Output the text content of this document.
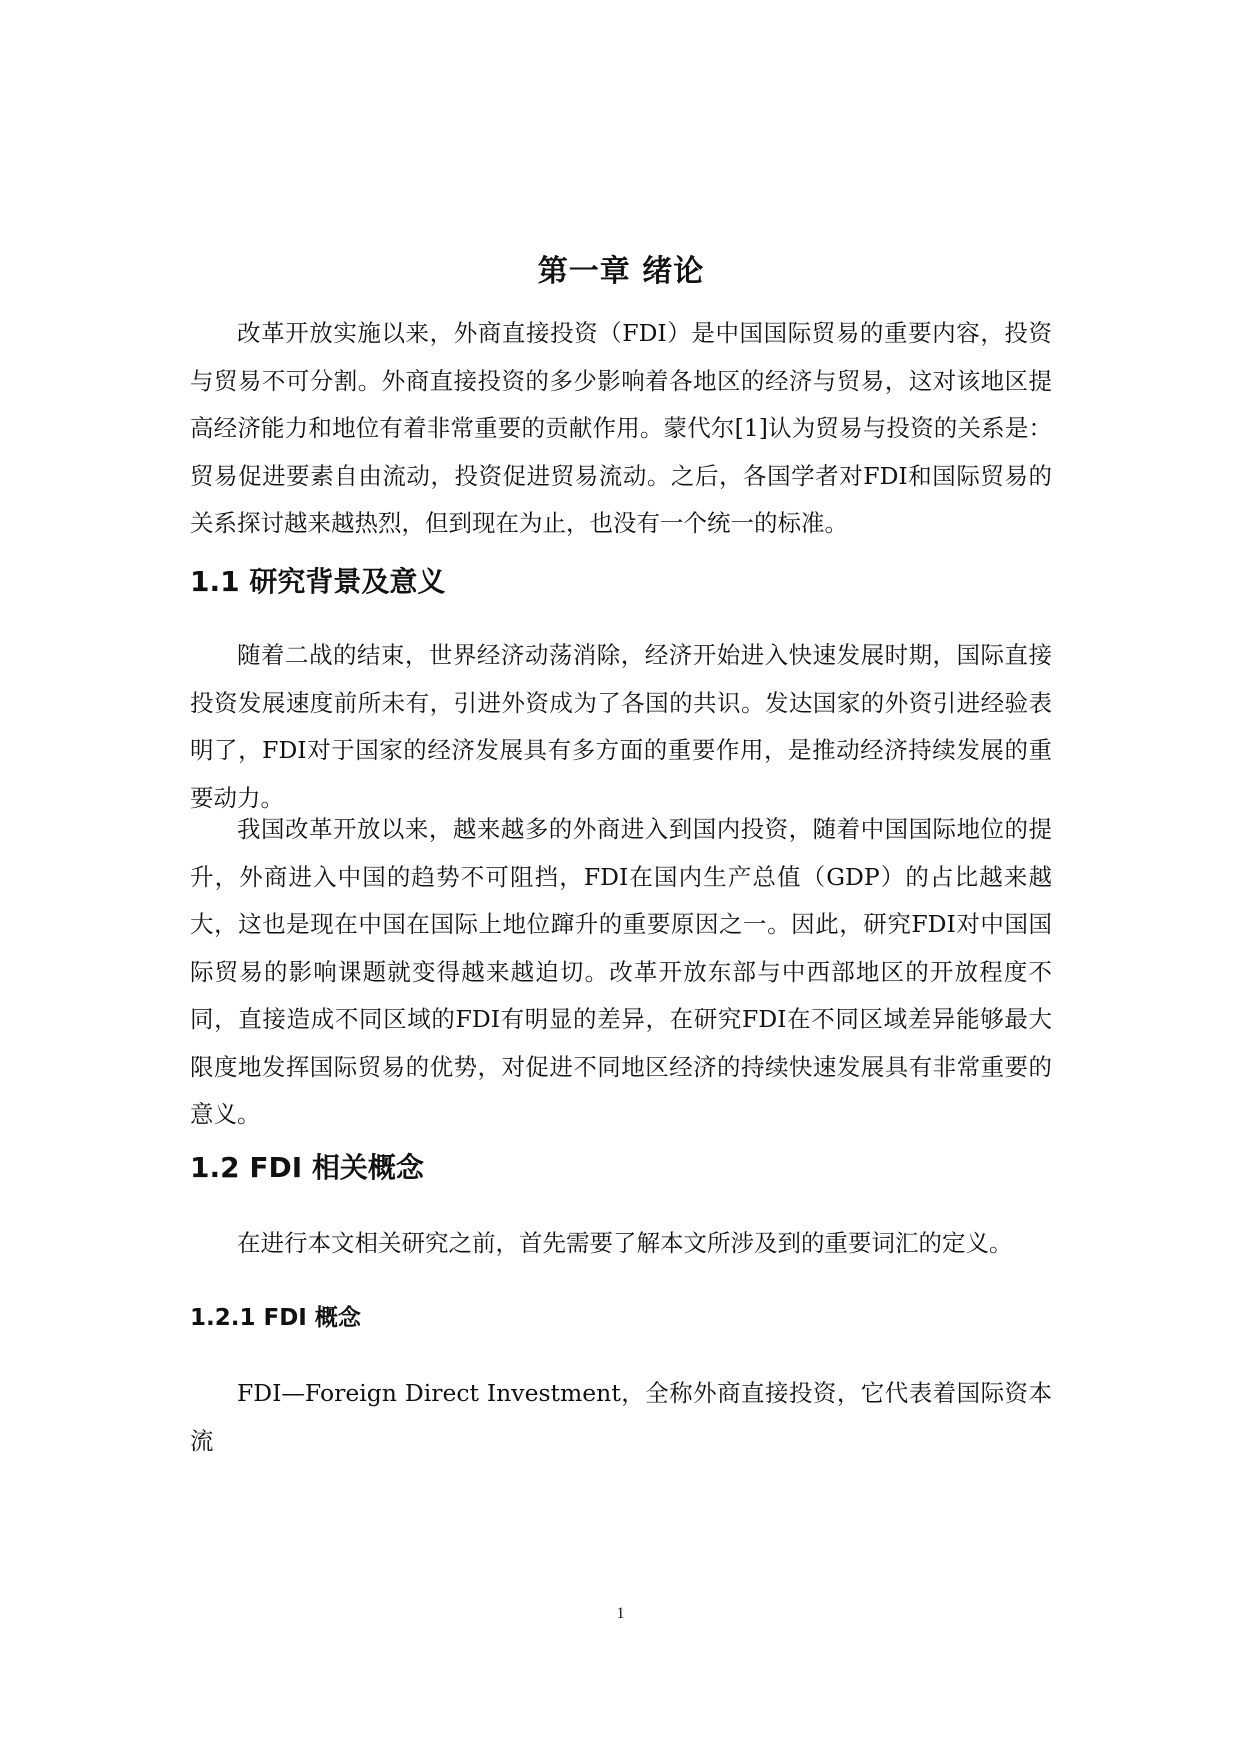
第一章 绪论

改革开放实施以来，外商直接投资（FDI）是中国国际贸易的重要内容，投资与贸易不可分割。外商直接投资的多少影响着各地区的经济与贸易，这对该地区提高经济能力和地位有着非常重要的贡献作用。蒙代尔[1]认为贸易与投资的关系是：贸易促进要素自由流动，投资促进贸易流动。之后，各国学者对FDI和国际贸易的关系探讨越来越热烈，但到现在为止，也没有一个统一的标准。

1.1 研究背景及意义

随着二战的结束，世界经济动荡消除，经济开始进入快速发展时期，国际直接投资发展速度前所未有，引进外资成为了各国的共识。发达国家的外资引进经验表明了，FDI对于国家的经济发展具有多方面的重要作用，是推动经济持续发展的重要动力。

我国改革开放以来，越来越多的外商进入到国内投资，随着中国国际地位的提升，外商进入中国的趋势不可阻挡，FDI在国内生产总值（GDP）的占比越来越大，这也是现在中国在国际上地位蹿升的重要原因之一。因此，研究FDI对中国国际贸易的影响课题就变得越来越迫切。改革开放东部与中西部地区的开放程度不同，直接造成不同区域的FDI有明显的差异，在研究FDI在不同区域差异能够最大限度地发挥国际贸易的优势，对促进不同地区经济的持续快速发展具有非常重要的意义。

1.2 FDI 相关概念

在进行本文相关研究之前，首先需要了解本文所涉及到的重要词汇的定义。

1.2.1 FDI 概念

FDI—Foreign Direct Investment，全称外商直接投资，它代表着国际资本流

1
